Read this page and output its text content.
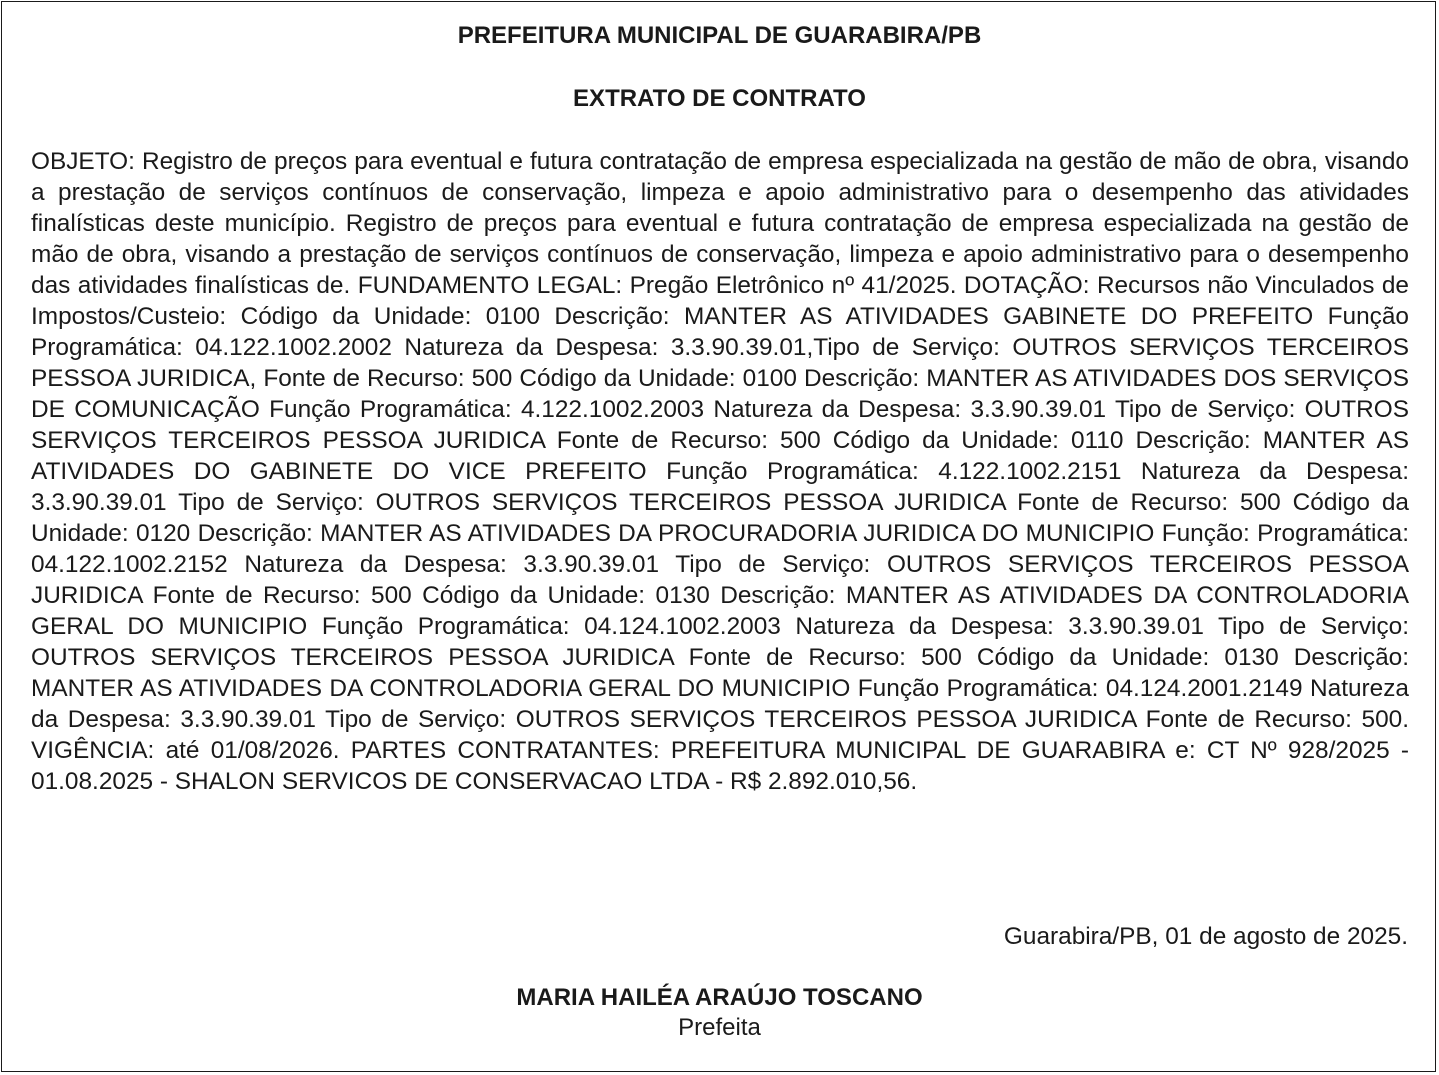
PREFEITURA MUNICIPAL DE GUARABIRA/PB
EXTRATO DE CONTRATO
OBJETO: Registro de preços para eventual e futura contratação de empresa especializada na gestão de mão de obra, visando a prestação de serviços contínuos de conservação, limpeza e apoio administrativo para o desempenho das atividades finalísticas deste município. Registro de preços para eventual e futura contratação de empresa especializada na gestão de mão de obra, visando a prestação de serviços contínuos de conservação, limpeza e apoio administrativo para o desempenho das atividades finalísticas de. FUNDAMENTO LEGAL: Pregão Eletrônico nº 41/2025. DOTAÇÃO: Recursos não Vinculados de Impostos/Custeio: Código da Unidade: 0100 Descrição: MANTER AS ATIVIDADES GABINETE DO PREFEITO Função Programática: 04.122.1002.2002 Natureza da Despesa: 3.3.90.39.01,Tipo de Serviço: OUTROS SERVIÇOS TERCEIROS PESSOA JURIDICA, Fonte de Recurso: 500 Código da Unidade: 0100 Descrição: MANTER AS ATIVIDADES DOS SERVIÇOS DE COMUNICAÇÃO Função Programática: 4.122.1002.2003 Natureza da Despesa: 3.3.90.39.01 Tipo de Serviço: OUTROS SERVIÇOS TERCEIROS PESSOA JURIDICA Fonte de Recurso: 500 Código da Unidade: 0110 Descrição: MANTER AS ATIVIDADES DO GABINETE DO VICE PREFEITO Função Programática: 4.122.1002.2151 Natureza da Despesa: 3.3.90.39.01 Tipo de Serviço: OUTROS SERVIÇOS TERCEIROS PESSOA JURIDICA Fonte de Recurso: 500 Código da Unidade: 0120 Descrição: MANTER AS ATIVIDADES DA PROCURADORIA JURIDICA DO MUNICIPIO Função: Programática: 04.122.1002.2152 Natureza da Despesa: 3.3.90.39.01 Tipo de Serviço: OUTROS SERVIÇOS TERCEIROS PESSOA JURIDICA Fonte de Recurso: 500 Código da Unidade: 0130 Descrição: MANTER AS ATIVIDADES DA CONTROLADORIA GERAL DO MUNICIPIO Função Programática: 04.124.1002.2003 Natureza da Despesa: 3.3.90.39.01 Tipo de Serviço: OUTROS SERVIÇOS TERCEIROS PESSOA JURIDICA Fonte de Recurso: 500 Código da Unidade: 0130 Descrição: MANTER AS ATIVIDADES DA CONTROLADORIA GERAL DO MUNICIPIO Função Programática: 04.124.2001.2149 Natureza da Despesa: 3.3.90.39.01 Tipo de Serviço: OUTROS SERVIÇOS TERCEIROS PESSOA JURIDICA Fonte de Recurso: 500. VIGÊNCIA: até 01/08/2026. PARTES CONTRATANTES: PREFEITURA MUNICIPAL DE GUARABIRA e: CT Nº 928/2025 - 01.08.2025 - SHALON SERVICOS DE CONSERVACAO LTDA - R$ 2.892.010,56.
Guarabira/PB, 01 de agosto de 2025.
MARIA HAILÉA ARAÚJO TOSCANO
Prefeita
